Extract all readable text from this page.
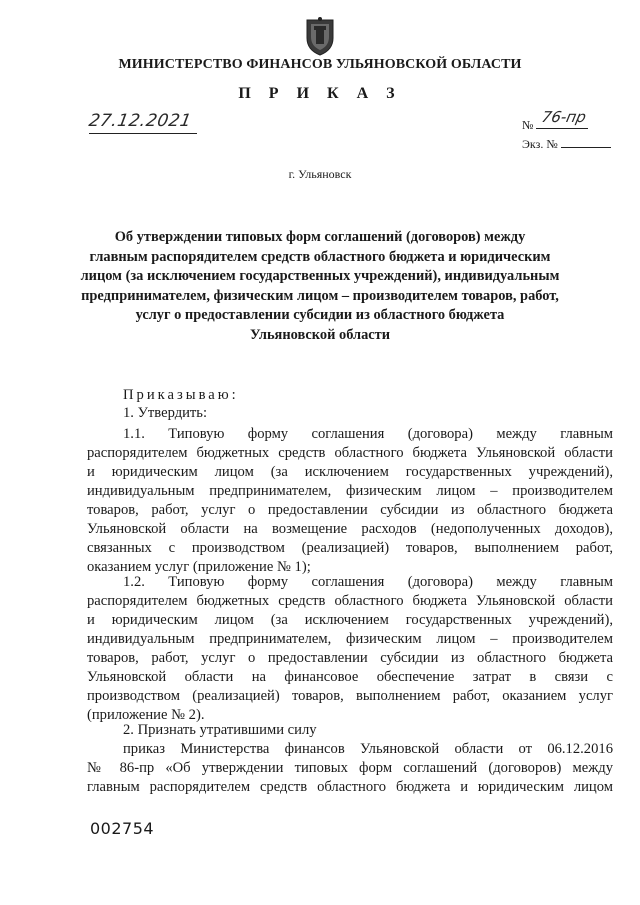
МИНИСТЕРСТВО ФИНАНСОВ УЛЬЯНОВСКОЙ ОБЛАСТИ
П Р И К А З
27.12.2021	№ 76-пр
Экз. №
г. Ульяновск
Об утверждении типовых форм соглашений (договоров) между
главным распорядителем средств областного бюджета и юридическим
лицом (за исключением государственных учреждений), индивидуальным
предпринимателем, физическим лицом – производителем товаров, работ,
услуг о предоставлении субсидии из областного бюджета
Ульяновской области
Приказываю:
1. Утвердить:
1.1. Типовую форму соглашения (договора) между главным
распорядителем бюджетных средств областного бюджета Ульяновской области
и юридическим лицом (за исключением государственных учреждений),
индивидуальным предпринимателем, физическим лицом – производителем
товаров, работ, услуг о предоставлении субсидии из областного бюджета
Ульяновской области на возмещение расходов (недополученных доходов),
связанных с производством (реализацией) товаров, выполнением работ,
оказанием услуг (приложение № 1);
1.2. Типовую форму соглашения (договора) между главным
распорядителем бюджетных средств областного бюджета Ульяновской области
и юридическим лицом (за исключением государственных учреждений),
индивидуальным предпринимателем, физическим лицом – производителем
товаров, работ, услуг о предоставлении субсидии из областного бюджета
Ульяновской области на финансовое обеспечение затрат в связи с
производством (реализацией) товаров, выполнением работ, оказанием услуг
(приложение № 2).
2. Признать утратившими силу
приказ Министерства финансов Ульяновской области от 06.12.2016
№ 86-пр «Об утверждении типовых форм соглашений (договоров) между
главным распорядителем средств областного бюджета и юридическим лицом
002754
